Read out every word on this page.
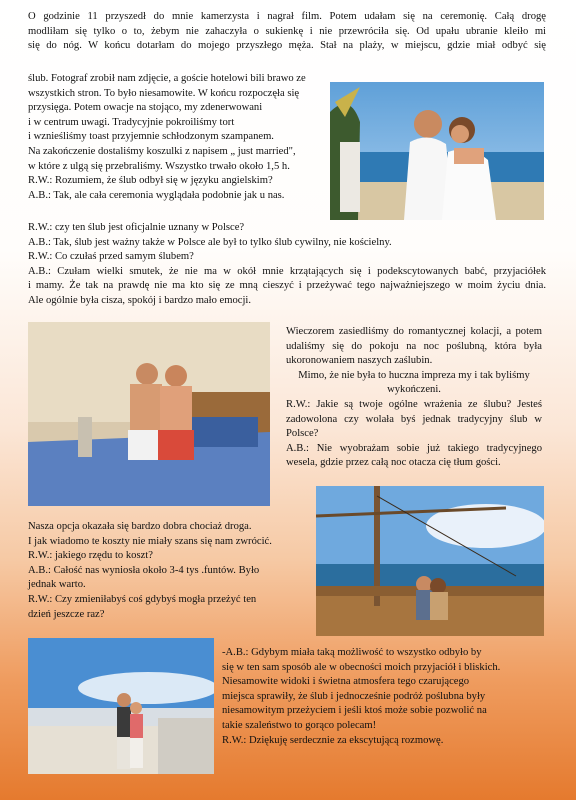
O godzinie 11 przyszedł do mnie kamerzysta i nagrał film. Potem udałam się na ceremonię. Całą drogę

modliłam się tylko o to, żebym nie zahaczyła o sukienkę i nie przewróciła się. Od upału ubranie kleiło mi

się do nóg. W końcu dotarłam do mojego przyszłego męża. Stał na plaży, w miejscu, gdzie miał odbyć się

ślub. Fotograf zrobił nam zdjęcie, a goście hotelowi bili brawo ze

wszystkich stron. To było niesamowite. W końcu rozpoczęła się

przysięga. Potem owacje na stojąco, my zdenerwowani

i w centrum uwagi. Tradycyjnie pokroiliśmy tort

i wznieśliśmy toast przyjemnie schłodzonym szampanem.

Na zakończenie dostaliśmy koszulki z napisem „ just married",

w które z ulgą się przebraliśmy. Wszystko trwało około 1,5 h.

R.W.: Rozumiem, że ślub odbył się w języku angielskim?

A.B.: Tak, ale cała ceremonia wyglądała podobnie jak u nas.

R.W.: czy ten ślub jest oficjalnie uznany w Polsce?

A.B.: Tak, ślub jest ważny także w Polsce ale był to tylko ślub cywilny, nie kościelny.

R.W.: Co czułaś przed samym ślubem?

A.B.: Czułam wielki smutek, że nie ma w okół mnie krzątających się i podekscytowanych babć, przyjaciółek

i mamy. Że tak na prawdę nie ma kto się ze mną cieszyć i przeżywać tego najważniejszego w moim życiu dnia.

Ale ogólnie była cisza, spokój i bardzo mało emocji.

Wieczorem zasiedliśmy do romantycznej kolacji, a potem udaliśmy się do pokoju na noc poślubną, która była ukoronowaniem naszych zaślubin.

Mimo, że nie była to huczna impreza my i tak byliśmy wykończeni.

R.W.: Jakie są twoje ogólne wrażenia ze ślubu? Jesteś zadowolona czy wolała byś jednak tradycyjny ślub w Polsce?

A.B.: Nie wyobrażam sobie już takiego tradycyjnego wesela, gdzie przez całą noc otacza cię tłum gości.

Nasza opcja okazała się bardzo dobra chociaż droga.

I jak wiadomo te koszty nie miały szans się nam zwrócić.

R.W.: jakiego rzędu to koszt?

A.B.: Całość nas wyniosła około 3-4 tys .funtów. Było

jednak warto.

R.W.: Czy zmieniłabyś coś gdybyś mogła przeżyć ten

dzień jeszcze raz?

-A.B.: Gdybym miała taką możliwość to wszystko odbyło by

się w ten sam sposób ale w obecności moich przyjaciół i bliskich.

Niesamowite widoki i świetna atmosfera tego czarującego

miejsca sprawiły, że ślub i jednocześnie podróż poślubna były

niesamowitym przeżyciem i jeśli ktoś może sobie pozwolić na

takie szaleństwo to gorąco polecam!

R.W.: Dziękuję serdecznie za ekscytującą rozmowę.
